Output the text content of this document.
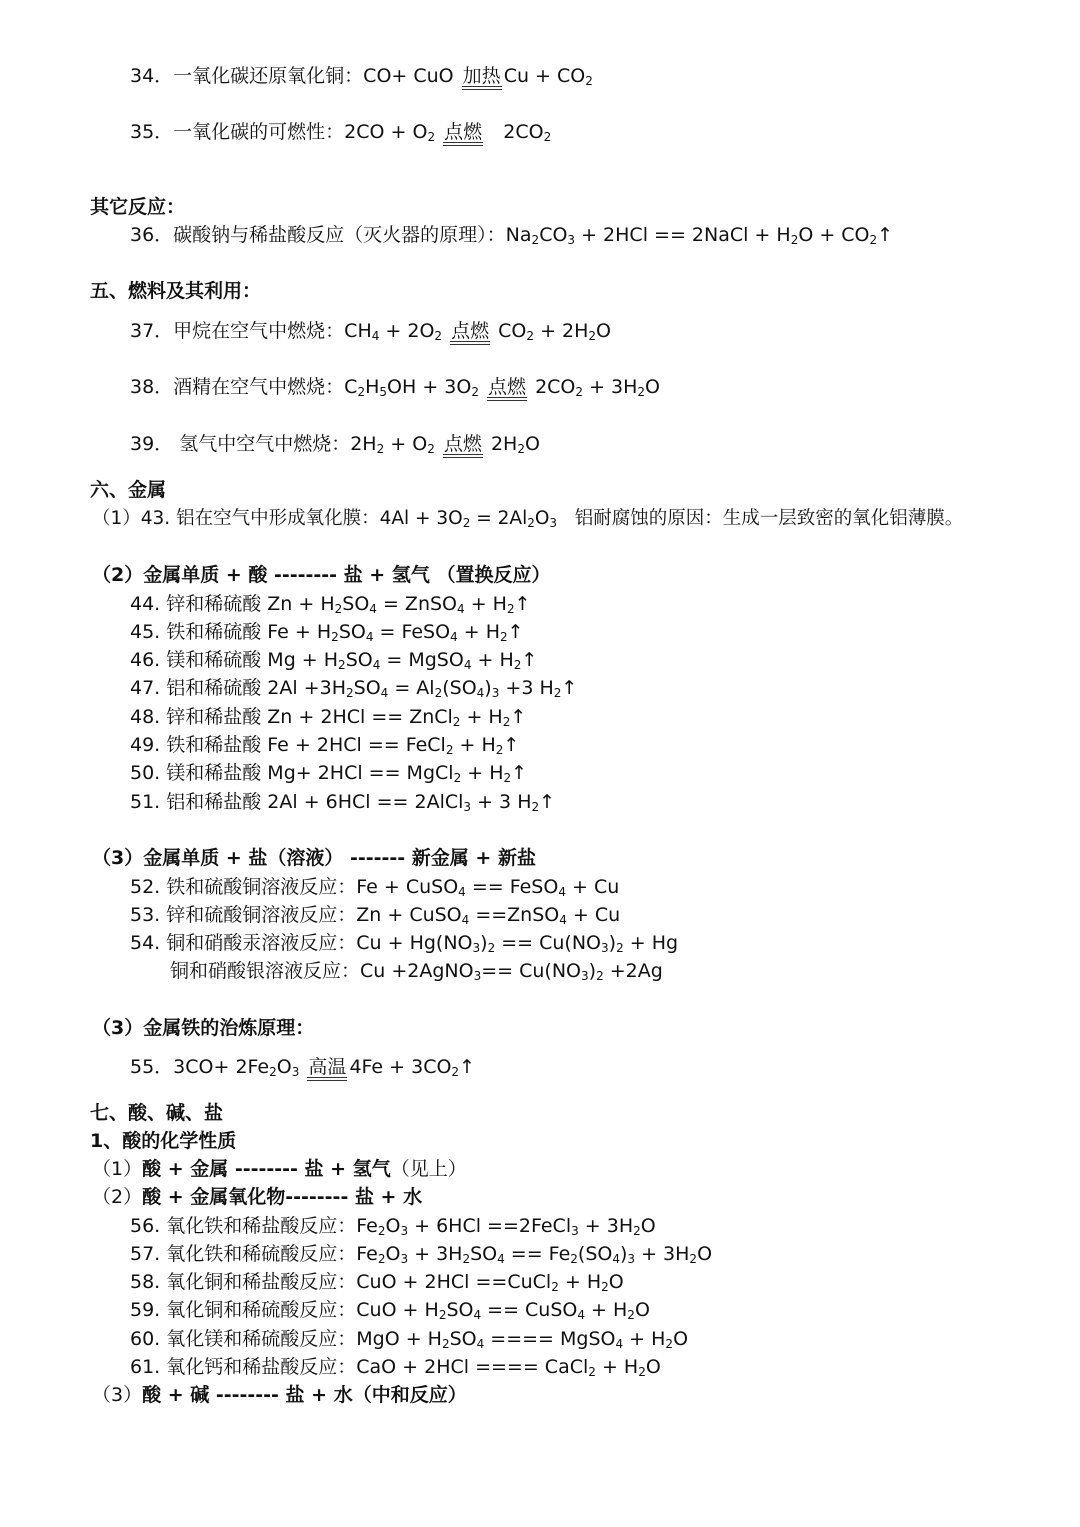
34．一氧化碳还原氧化铜：CO+ CuO 加热 $Cu + CO_2$
35．一氧化碳的可燃性：$2CO + O_2$ 点燃   $2CO_2$
其它反应：
36．碳酸钠与稀盐酸反应（灭火器的原理）：$Na_2CO_3 + 2HCl$ == 2NaCl + $H_2O$ + $CO_2↑$
五、燃料及其利用：
37．甲烷在空气中燃烧：$CH_4 + 2O_2$ 点燃 $CO_2 + 2H_2O$
38．酒精在空气中燃烧：$C_2H_5OH + 3O_2$ 点燃 $2CO_2 + 3H_2O$
39． 氢气中空气中燃烧：$2H_2 + O_2$ 点燃 $2H_2O$
六、金属
（1）43. 铝在空气中形成氧化膜：$4Al + 3O_2 = 2Al_2O_3$   铝耐腐蚀的原因：生成一层致密的氧化铝薄膜。
（2）金属单质 + 酸 -------- 盐 + 氢气 （置换反应）
44. 锌和稀硫酸 $Zn + H_2SO_4$ = ZnSO$_4$ + $H_2↑$
45. 铁和稀硫酸 $Fe + H_2SO_4$ = FeSO$_4$ + $H_2↑$
46. 镁和稀硫酸 $Mg + H_2SO_4$ = MgSO$_4$ + $H_2↑$
47. 铝和稀硫酸 $2Al +3H_2SO_4 = Al_2(SO_4)_3 +3$ $H_2↑$
48. 锌和稀盐酸 Zn + 2HCl == ZnCl$_2$ + $H_2↑$
49. 铁和稀盐酸 Fe + 2HCl == FeCl$_2$ + $H_2↑$
50. 镁和稀盐酸 Mg+ 2HCl == MgCl$_2$ + $H_2↑$
51. 铝和稀盐酸 2Al + 6HCl == 2AlCl$_3$ + 3 $H_2↑$
（3）金属单质 + 盐（溶液） ------- 新金属 + 新盐
52. 铁和硫酸铜溶液反应：Fe + CuSO$_4$ == FeSO$_4$ + Cu
53. 锌和硫酸铜溶液反应：Zn + CuSO$_4$ ==ZnSO$_4$ + Cu
54. 铜和硝酸汞溶液反应：$Cu + Hg(NO_3)_2 == Cu(NO_3)_2 + Hg$
铜和硝酸银溶液反应：Cu +2AgNO$_3$== $Cu(NO_3)_2 +2Ag$
（3）金属铁的治炼原理：
55．$3CO+ 2Fe_2O_3$ 高温 $4Fe + 3CO_2↑$
七、酸、碱、盐
1、酸的化学性质
（1）酸 + 金属 -------- 盐 + 氢气（见上）
（2）酸 + 金属氧化物-------- 盐 + 水
56. 氧化铁和稀盐酸反应：$Fe_2O_3 + 6HCl$ ==2FeCl$_3$ + $3H_2O$
57. 氧化铁和稀硫酸反应：$Fe_2O_3 + 3H_2SO_4 == Fe_2(SO_4)_3 + 3H_2O$
58. 氧化铜和稀盐酸反应：CuO + 2HCl ==CuCl$_2$ + $H_2O$
59. 氧化铜和稀硫酸反应：CuO + $H_2SO_4$ == CuSO$_4$ + $H_2O$
60. 氧化镁和稀硫酸反应：MgO + $H_2SO_4$ ==== MgSO$_4$ + $H_2O$
61. 氧化钙和稀盐酸反应：CaO + 2HCl ==== CaCl$_2$ + $H_2O$
（3）酸 + 碱 -------- 盐 + 水（中和反应）
